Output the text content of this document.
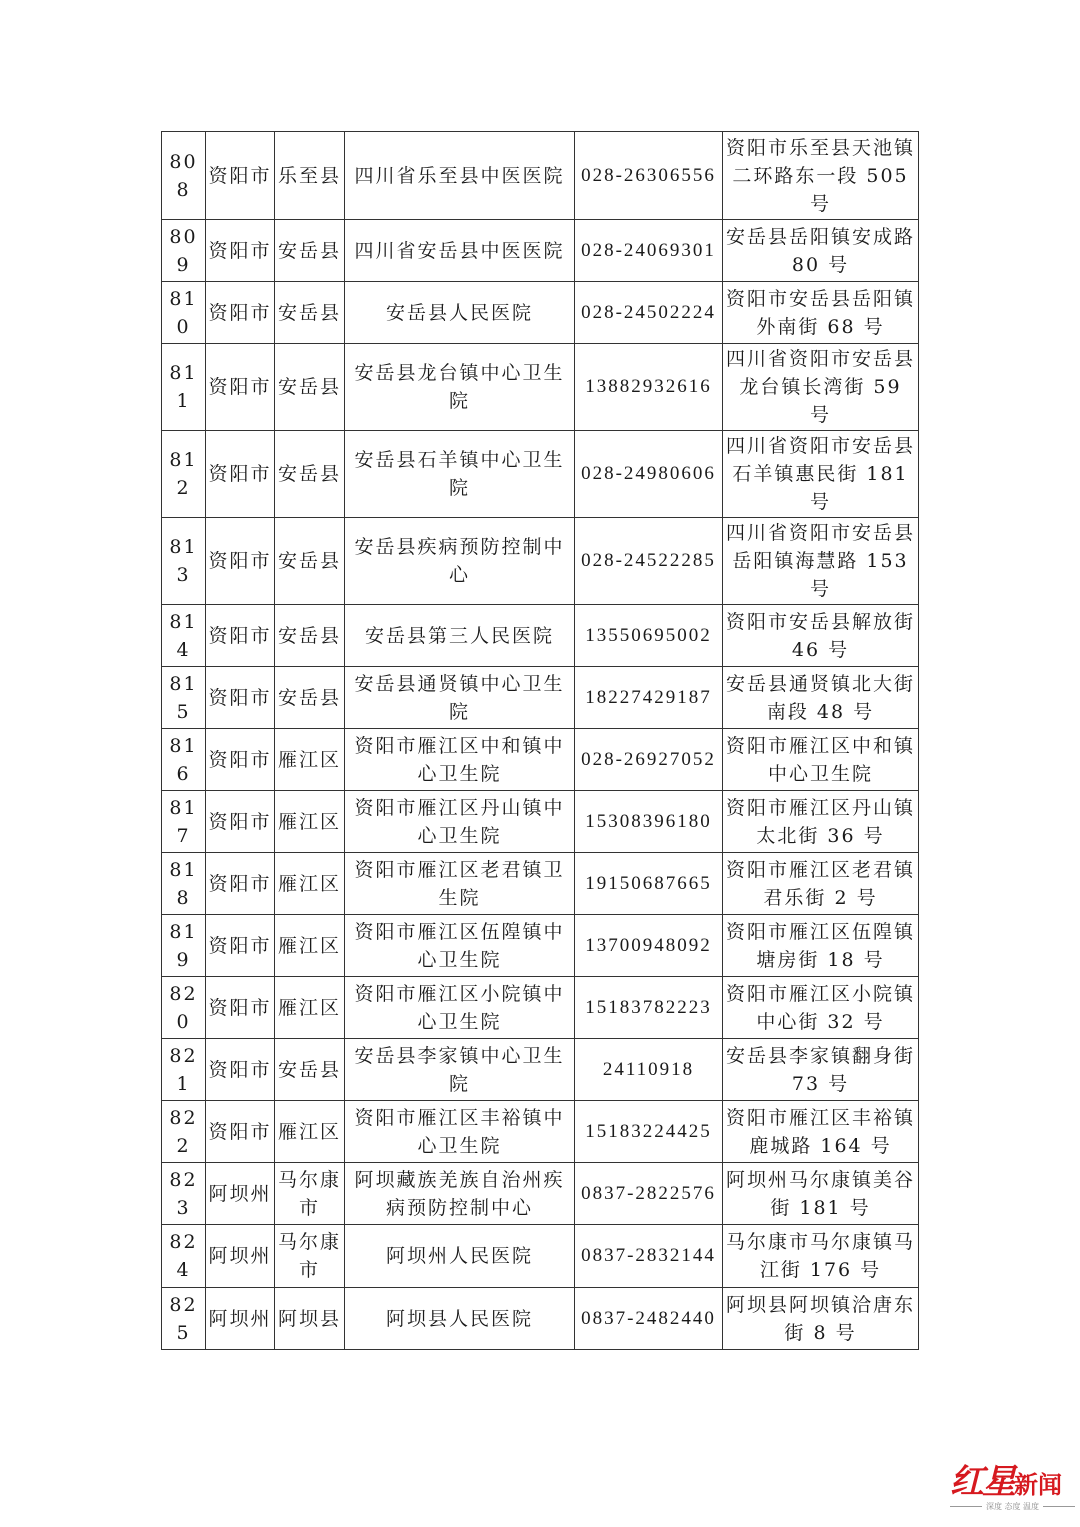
808	资阳市	乐至县	四川省乐至县中医医院	028-26306556	资阳市乐至县天池镇二环路东一段 505 号
809	资阳市	安岳县	四川省安岳县中医医院	028-24069301	安岳县岳阳镇安成路 80 号
810	资阳市	安岳县	安岳县人民医院	028-24502224	资阳市安岳县岳阳镇外南街 68 号
811	资阳市	安岳县	安岳县龙台镇中心卫生院	13882932616	四川省资阳市安岳县龙台镇长湾街 59 号
812	资阳市	安岳县	安岳县石羊镇中心卫生院	028-24980606	四川省资阳市安岳县石羊镇惠民街 181 号
813	资阳市	安岳县	安岳县疾病预防控制中心	028-24522285	四川省资阳市安岳县岳阳镇海慧路 153 号
814	资阳市	安岳县	安岳县第三人民医院	13550695002	资阳市安岳县解放街 46 号
815	资阳市	安岳县	安岳县通贤镇中心卫生院	18227429187	安岳县通贤镇北大街南段 48 号
816	资阳市	雁江区	资阳市雁江区中和镇中心卫生院	028-26927052	资阳市雁江区中和镇中心卫生院
817	资阳市	雁江区	资阳市雁江区丹山镇中心卫生院	15308396180	资阳市雁江区丹山镇太北街 36 号
818	资阳市	雁江区	资阳市雁江区老君镇卫生院	19150687665	资阳市雁江区老君镇君乐街 2 号
819	资阳市	雁江区	资阳市雁江区伍隍镇中心卫生院	13700948092	资阳市雁江区伍隍镇塘房街 18 号
820	资阳市	雁江区	资阳市雁江区小院镇中心卫生院	15183782223	资阳市雁江区小院镇中心街 32 号
821	资阳市	安岳县	安岳县李家镇中心卫生院	24110918	安岳县李家镇翻身街 73 号
822	资阳市	雁江区	资阳市雁江区丰裕镇中心卫生院	15183224425	资阳市雁江区丰裕镇鹿城路 164 号
823	阿坝州	马尔康市	阿坝藏族羌族自治州疾病预防控制中心	0837-2822576	阿坝州马尔康镇美谷街 181 号
824	阿坝州	马尔康市	阿坝州人民医院	0837-2832144	马尔康市马尔康镇马江街 176 号
825	阿坝州	阿坝县	阿坝县人民医院	0837-2482440	阿坝县阿坝镇洽唐东街 8 号
红星 新闻
深度 态度 温度
